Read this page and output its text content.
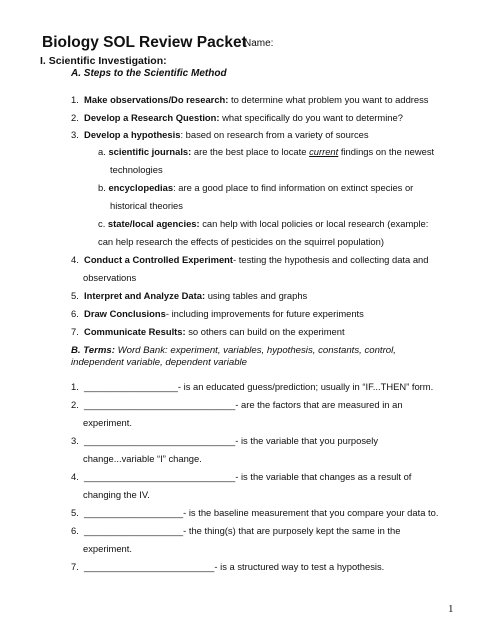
Biology SOL Review Packet
Name:
I. Scientific Investigation:
A. Steps to the Scientific Method
1. Make observations/Do research: to determine what problem you want to address
2. Develop a Research Question: what specifically do you want to determine?
3. Develop a hypothesis: based on research from a variety of sources
a. scientific journals: are the best place to locate current findings on the newest
technologies
b. encyclopedias: are a good place to find information on extinct species or
historical theories
c. state/local agencies: can help with local policies or local research (example:
can help research the effects of pesticides on the squirrel population)
4. Conduct a Controlled Experiment- testing the hypothesis and collecting data and
observations
5. Interpret and Analyze Data: using tables and graphs
6. Draw Conclusions- including improvements for future experiments
7. Communicate Results: so others can build on the experiment
B. Terms: Word Bank: experiment, variables, hypothesis, constants, control, independent variable, dependent variable
1. __________________- is an educated guess/prediction; usually in “IF...THEN” form.
2. _____________________________- are the factors that are measured in an
experiment.
3. _____________________________- is the variable that you purposely
change...variable “I” change.
4. _____________________________- is the variable that changes as a result of
changing the IV.
5. ___________________- is the baseline measurement that you compare your data to.
6. ___________________- the thing(s) that are purposely kept the same in the
experiment.
7. _________________________- is a structured way to test a hypothesis.
1
